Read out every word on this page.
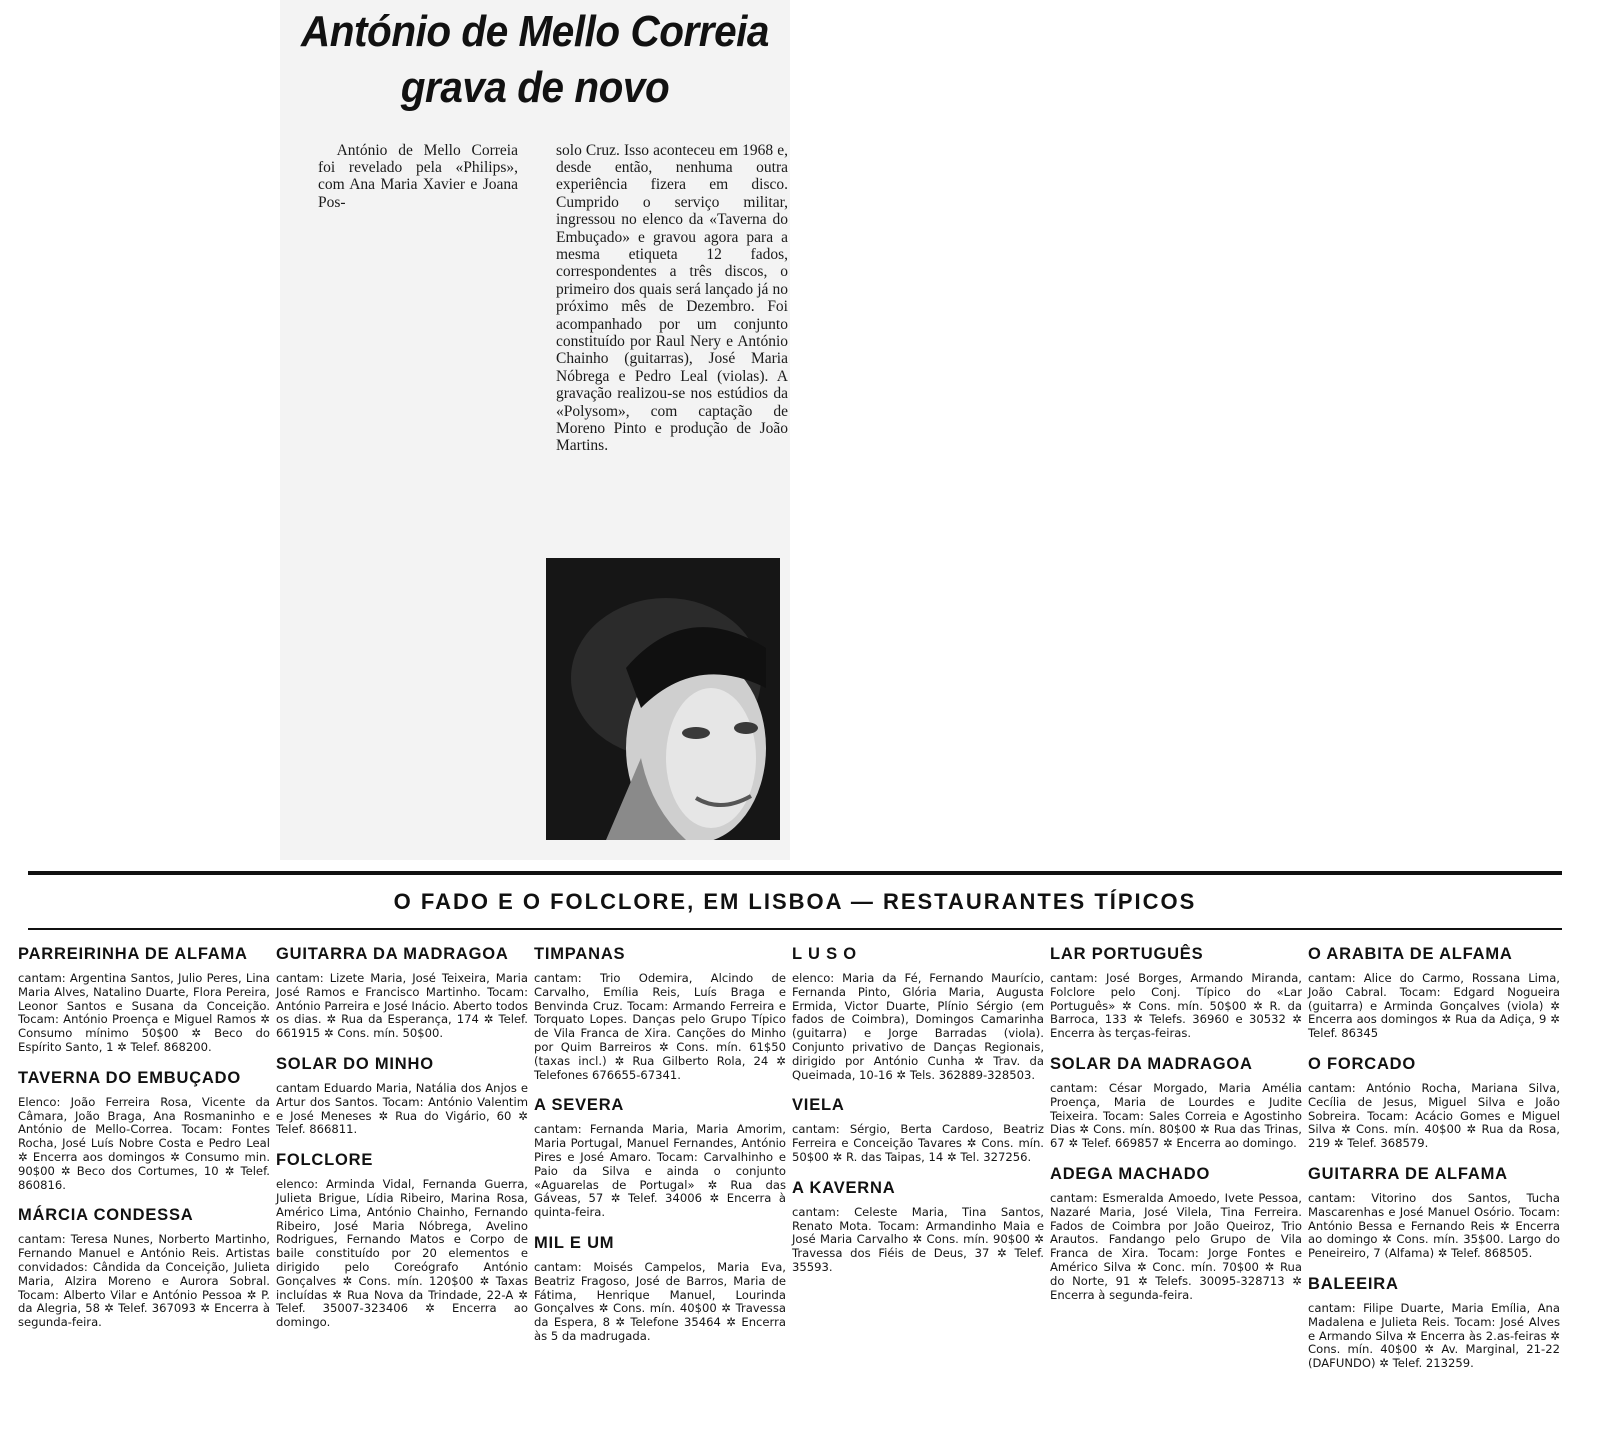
António de Mello Correia
grava de novo

António de Mello Correia foi revelado pela «Philips», com Ana Maria Xavier e Joana Pos-

solo Cruz. Isso aconteceu em 1968 e, desde então, nenhuma outra experiência fizera em disco. Cumprido o serviço militar, ingressou no elenco da «Taverna do Embuçado» e gravou agora para a mesma etiqueta 12 fados, correspondentes a três discos, o primeiro dos quais será lançado já no próximo mês de Dezembro. Foi acompanhado por um conjunto constituído por Raul Nery e António Chainho (guitarras), José Maria Nóbrega e Pedro Leal (violas). A gravação realizou-se nos estúdios da «Polysom», com captação de Moreno Pinto e produção de João Martins.

O FADO E O FOLCLORE, EM LISBOA — RESTAURANTES TÍPICOS
PARREIRINHA DE ALFAMA

cantam: Argentina Santos, Julio Peres, Lina Maria Alves, Natalino Duarte, Flora Pereira, Leonor Santos e Susana da Conceição. Tocam: António Proença e Miguel Ramos ✲ Consumo mínimo 50$00 ✲ Beco do Espírito Santo, 1 ✲ Telef. 868200.

TAVERNA DO EMBUÇADO

Elenco: João Ferreira Rosa, Vicente da Câmara, João Braga, Ana Rosmaninho e António de Mello-Correa. Tocam: Fontes Rocha, José Luís Nobre Costa e Pedro Leal ✲ Encerra aos domingos ✲ Consumo min. 90$00 ✲ Beco dos Cortumes, 10 ✲ Telef. 860816.

MÁRCIA CONDESSA

cantam: Teresa Nunes, Norberto Martinho, Fernando Manuel e António Reis. Artistas convidados: Cândida da Conceição, Julieta Maria, Alzira Moreno e Aurora Sobral. Tocam: Alberto Vilar e António Pessoa ✲ P. da Alegria, 58 ✲ Telef. 367093 ✲ Encerra à segunda-feira.

GUITARRA DA MADRAGOA

cantam: Lizete Maria, José Teixeira, Maria José Ramos e Francisco Martinho. Tocam: António Parreira e José Inácio. Aberto todos os dias. ✲ Rua da Esperança, 174 ✲ Telef. 661915 ✲ Cons. mín. 50$00.

SOLAR DO MINHO

cantam Eduardo Maria, Natália dos Anjos e Artur dos Santos. Tocam: António Valentim e José Meneses ✲ Rua do Vigário, 60 ✲ Telef. 866811.

FOLCLORE

elenco: Arminda Vidal, Fernanda Guerra, Julieta Brigue, Lídia Ribeiro, Marina Rosa, Américo Lima, António Chainho, Fernando Ribeiro, José Maria Nóbrega, Avelino Rodrigues, Fernando Matos e Corpo de baile constituído por 20 elementos e dirigido pelo Coreógrafo António Gonçalves ✲ Cons. mín. 120$00 ✲ Taxas incluídas ✲ Rua Nova da Trindade, 22-A ✲ Telef. 35007-323406 ✲ Encerra ao domingo.

TIMPANAS

cantam: Trio Odemira, Alcindo de Carvalho, Emília Reis, Luís Braga e Benvinda Cruz. Tocam: Armando Ferreira e Torquato Lopes. Danças pelo Grupo Típico de Vila Franca de Xira. Canções do Minho por Quim Barreiros ✲ Cons. mín. 61$50 (taxas incl.) ✲ Rua Gilberto Rola, 24 ✲ Telefones 676655-67341.

A SEVERA

cantam: Fernanda Maria, Maria Amorim, Maria Portugal, Manuel Fernandes, António Pires e José Amaro. Tocam: Carvalhinho e Paio da Silva e ainda o conjunto «Aguarelas de Portugal» ✲ Rua das Gáveas, 57 ✲ Telef. 34006 ✲ Encerra à quinta-feira.

MIL E UM

cantam: Moisés Campelos, Maria Eva, Beatriz Fragoso, José de Barros, Maria de Fátima, Henrique Manuel, Lourinda Gonçalves ✲ Cons. mín. 40$00 ✲ Travessa da Espera, 8 ✲ Telefone 35464 ✲ Encerra às 5 da madrugada.

L U S O

elenco: Maria da Fé, Fernando Maurício, Fernanda Pinto, Glória Maria, Augusta Ermida, Victor Duarte, Plínio Sérgio (em fados de Coimbra), Domingos Camarinha (guitarra) e Jorge Barradas (viola). Conjunto privativo de Danças Regionais, dirigido por António Cunha ✲ Trav. da Queimada, 10-16 ✲ Tels. 362889-328503.

VIELA

cantam: Sérgio, Berta Cardoso, Beatriz Ferreira e Conceição Tavares ✲ Cons. mín. 50$00 ✲ R. das Taipas, 14 ✲ Tel. 327256.

A KAVERNA

cantam: Celeste Maria, Tina Santos, Renato Mota. Tocam: Armandinho Maia e José Maria Carvalho ✲ Cons. mín. 90$00 ✲ Travessa dos Fiéis de Deus, 37 ✲ Telef. 35593.

LAR PORTUGUÊS

cantam: José Borges, Armando Miranda, Folclore pelo Conj. Típico do «Lar Português» ✲ Cons. mín. 50$00 ✲ R. da Barroca, 133 ✲ Telefs. 36960 e 30532 ✲ Encerra às terças-feiras.

SOLAR DA MADRAGOA

cantam: César Morgado, Maria Amélia Proença, Maria de Lourdes e Judite Teixeira. Tocam: Sales Correia e Agostinho Dias ✲ Cons. mín. 80$00 ✲ Rua das Trinas, 67 ✲ Telef. 669857 ✲ Encerra ao domingo.

ADEGA MACHADO

cantam: Esmeralda Amoedo, Ivete Pessoa, Nazaré Maria, José Vilela, Tina Ferreira. Fados de Coimbra por João Queiroz, Trio Arautos. Fandango pelo Grupo de Vila Franca de Xira. Tocam: Jorge Fontes e Américo Silva ✲ Conc. mín. 70$00 ✲ Rua do Norte, 91 ✲ Telefs. 30095-328713 ✲ Encerra à segunda-feira.

O ARABITA DE ALFAMA

cantam: Alice do Carmo, Rossana Lima, João Cabral. Tocam: Edgard Nogueira (guitarra) e Arminda Gonçalves (viola) ✲ Encerra aos domingos ✲ Rua da Adiça, 9 ✲ Telef. 86345

O FORCADO

cantam: António Rocha, Mariana Silva, Cecília de Jesus, Miguel Silva e João Sobreira. Tocam: Acácio Gomes e Miguel Silva ✲ Cons. mín. 40$00 ✲ Rua da Rosa, 219 ✲ Telef. 368579.

GUITARRA DE ALFAMA

cantam: Vitorino dos Santos, Tucha Mascarenhas e José Manuel Osório. Tocam: António Bessa e Fernando Reis ✲ Encerra ao domingo ✲ Cons. mín. 35$00. Largo do Peneireiro, 7 (Alfama) ✲ Telef. 868505.

BALEEIRA

cantam: Filipe Duarte, Maria Emília, Ana Madalena e Julieta Reis. Tocam: José Alves e Armando Silva ✲ Encerra às 2.as-feiras ✲ Cons. mín. 40$00 ✲ Av. Marginal, 21-22 (DAFUNDO) ✲ Telef. 213259.
